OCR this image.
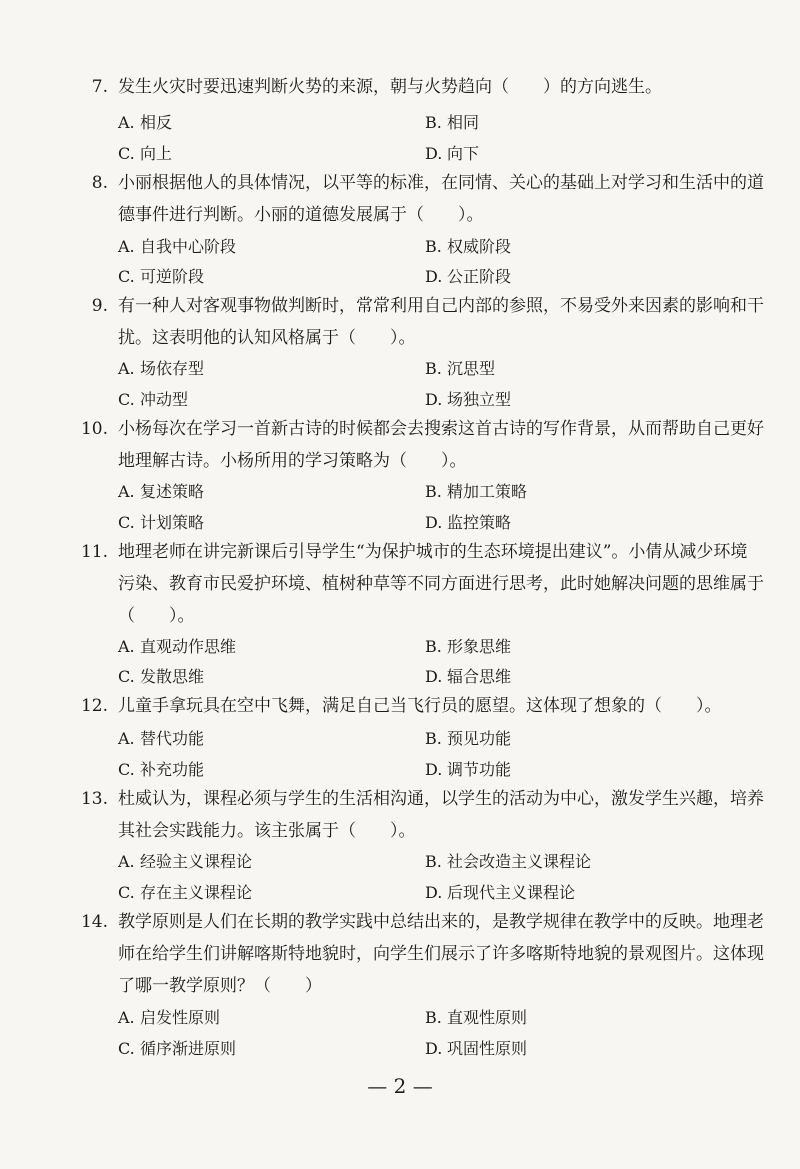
7. 发生火灾时要迅速判断火势的来源，朝与火势趋向（　　）的方向逃生。
A. 相反	B. 相同
C. 向上	D. 向下
8. 小丽根据他人的具体情况，以平等的标准，在同情、关心的基础上对学习和生活中的道
德事件进行判断。小丽的道德发展属于（　　）。
A. 自我中心阶段	B. 权威阶段
C. 可逆阶段	D. 公正阶段
9. 有一种人对客观事物做判断时，常常利用自己内部的参照，不易受外来因素的影响和干
扰。这表明他的认知风格属于（　　）。
A. 场依存型	B. 沉思型
C. 冲动型	D. 场独立型
10. 小杨每次在学习一首新古诗的时候都会去搜索这首古诗的写作背景，从而帮助自己更好
地理解古诗。小杨所用的学习策略为（　　）。
A. 复述策略	B. 精加工策略
C. 计划策略	D. 监控策略
11. 地理老师在讲完新课后引导学生“为保护城市的生态环境提出建议”。小倩从减少环境
污染、教育市民爱护环境、植树种草等不同方面进行思考，此时她解决问题的思维属于
（　　）。
A. 直观动作思维	B. 形象思维
C. 发散思维	D. 辐合思维
12. 儿童手拿玩具在空中飞舞，满足自己当飞行员的愿望。这体现了想象的（　　）。
A. 替代功能	B. 预见功能
C. 补充功能	D. 调节功能
13. 杜威认为，课程必须与学生的生活相沟通，以学生的活动为中心，激发学生兴趣，培养
其社会实践能力。该主张属于（　　）。
A. 经验主义课程论	B. 社会改造主义课程论
C. 存在主义课程论	D. 后现代主义课程论
14. 教学原则是人们在长期的教学实践中总结出来的，是教学规律在教学中的反映。地理老
师在给学生们讲解喀斯特地貌时，向学生们展示了许多喀斯特地貌的景观图片。这体现
了哪一教学原则？（　　）
A. 启发性原则	B. 直观性原则
C. 循序渐进原则	D. 巩固性原则
— 2 —
